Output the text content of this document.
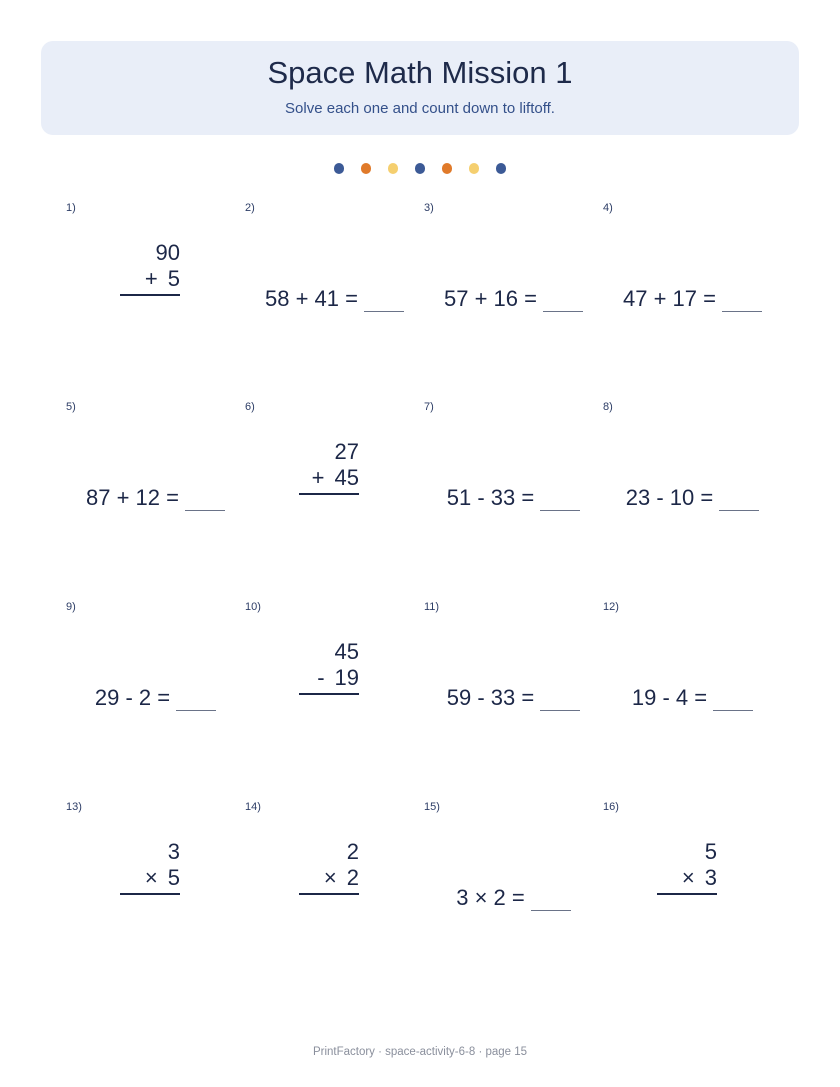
Space Math Mission 1
Solve each one and count down to liftoff.
1)
90
+ 5
2)
58 + 41 =
3)
57 + 16 =
4)
47 + 17 =
5)
87 + 12 =
6)
27
+ 45
7)
51 - 33 =
8)
23 - 10 =
9)
29 - 2 =
10)
45
- 19
11)
59 - 33 =
12)
19 - 4 =
13)
3
× 5
14)
2
× 2
15)
3 × 2 =
16)
5
× 3
PrintFactory · space-activity-6-8 · page 15
